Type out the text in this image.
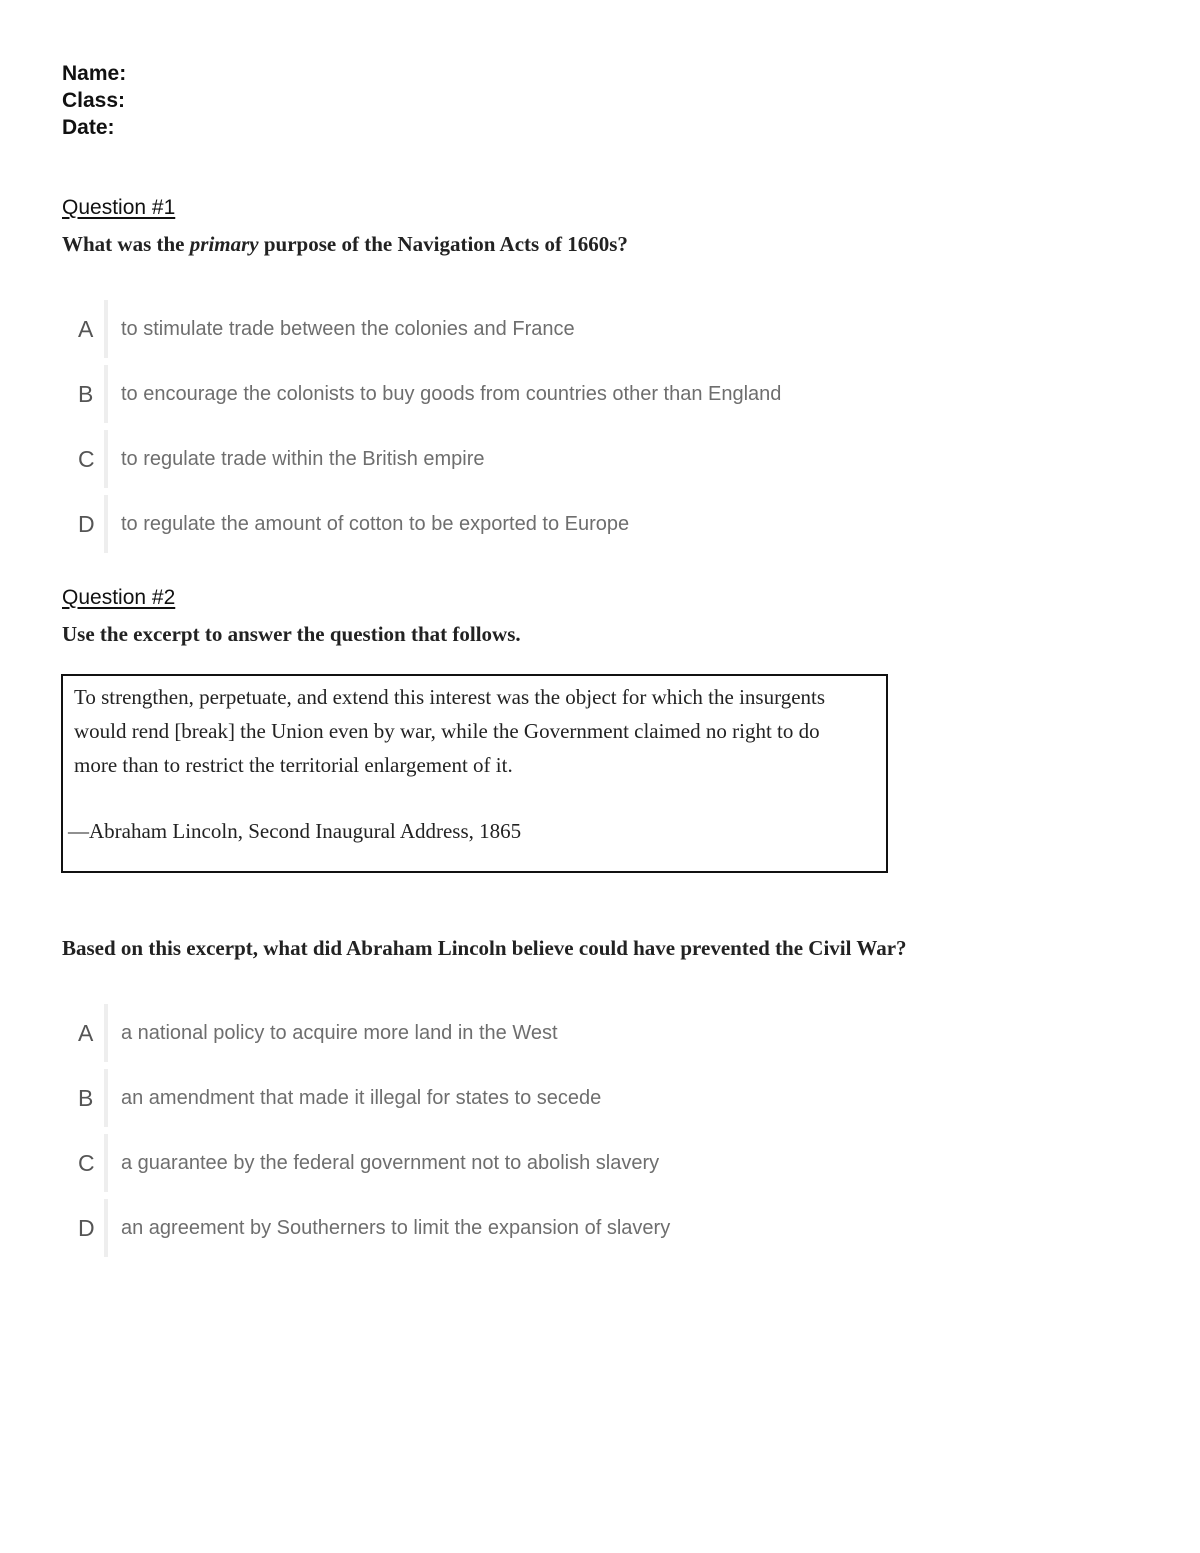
Name:
Class:
Date:
Question #1
What was the primary purpose of the Navigation Acts of 1660s?
A	to stimulate trade between the colonies and France
B	to encourage the colonists to buy goods from countries other than England
C to regulate trade within the British empire
D to regulate the amount of cotton to be exported to Europe
Question #2
Use the excerpt to answer the question that follows.
To strengthen, perpetuate, and extend this interest was the object for which the insurgents would rend [break] the Union even by war, while the Government claimed no right to do more than to restrict the territorial enlargement of it.
—Abraham Lincoln, Second Inaugural Address, 1865
Based on this excerpt, what did Abraham Lincoln believe could have prevented the Civil War?
A	a national policy to acquire more land in the West
B	an amendment that made it illegal for states to secede
C a guarantee by the federal government not to abolish slavery
D an agreement by Southerners to limit the expansion of slavery
